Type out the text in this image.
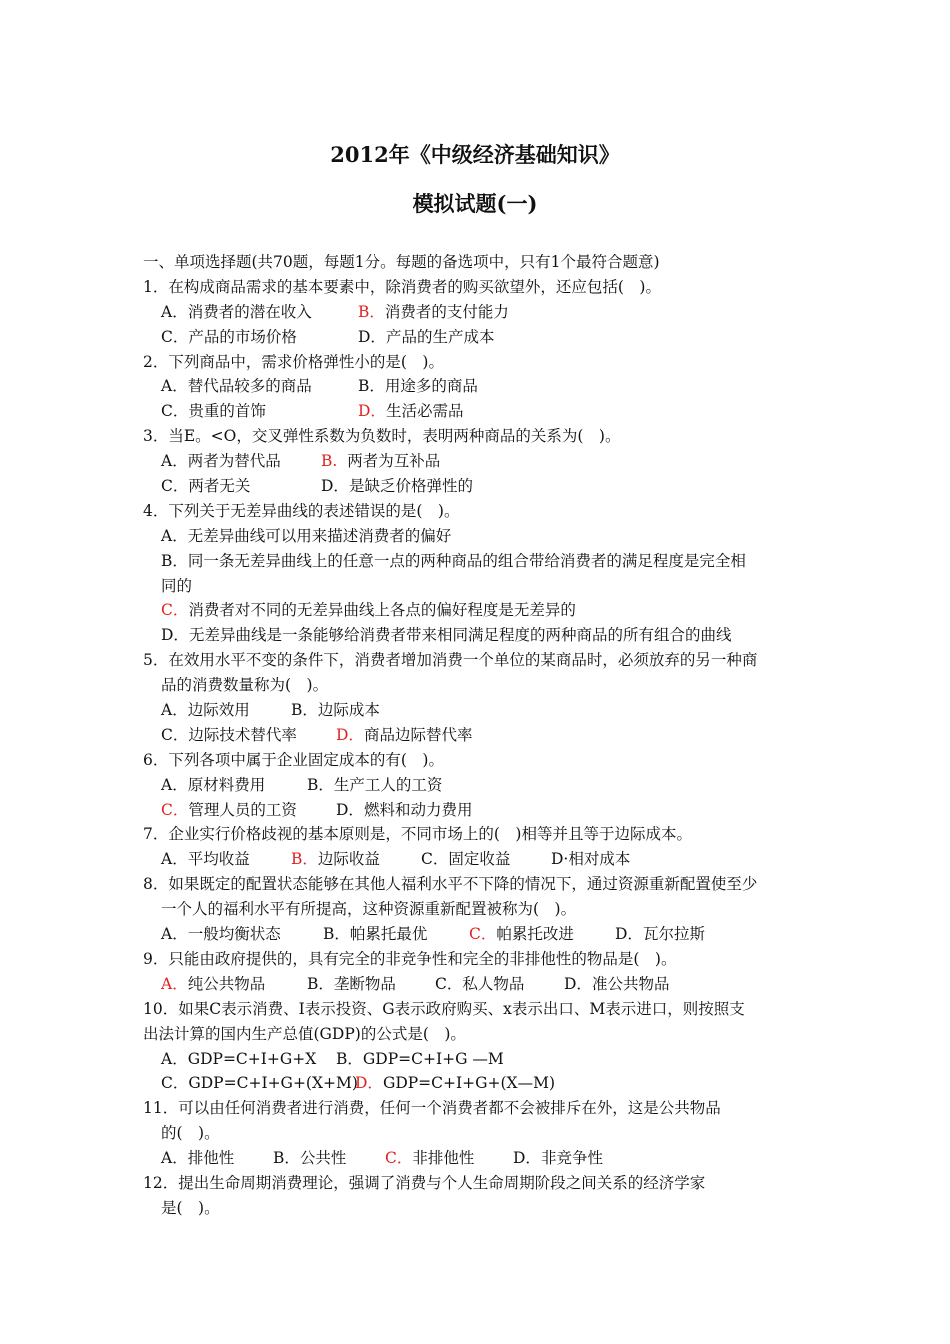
2012年《中级经济基础知识》
模拟试题(一)
一、单项选择题(共70题，每题1分。每题的备选项中，只有1个最符合题意)
1．在构成商品需求的基本要素中，除消费者的购买欲望外，还应包括(　)。
A．消费者的潜在收入	B．消费者的支付能力
C．产品的市场价格	D．产品的生产成本
2．下列商品中，需求价格弹性小的是(　)。
A．替代品较多的商品	B．用途多的商品
C．贵重的首饰	D．生活必需品
3．当E。<O，交叉弹性系数为负数时，表明两种商品的关系为(　)。
A．两者为替代品	B. 两者为互补品
C．两者无关	D．是缺乏价格弹性的
4．下列关于无差异曲线的表述错误的是(　)。
A．无差异曲线可以用来描述消费者的偏好
B．同一条无差异曲线上的任意一点的两种商品的组合带给消费者的满足程度是完全相
同的
C．消费者对不同的无差异曲线上各点的偏好程度是无差异的
D．无差异曲线是一条能够给消费者带来相同满足程度的两种商品的所有组合的曲线
5．在效用水平不变的条件下，消费者增加消费一个单位的某商品时，必须放弃的另一种商
品的消费数量称为(　)。
A．边际效用	B．边际成本
C．边际技术替代率	D．商品边际替代率
6．下列各项中属于企业固定成本的有(　)。
A．原材料费用	B．生产工人的工资
C．管理人员的工资	D．燃料和动力费用
7．企业实行价格歧视的基本原则是，不同市场上的(　)相等并且等于边际成本。
A．平均收益	B．边际收益	C．固定收益	D·相对成本
8．如果既定的配置状态能够在其他人福利水平不下降的情况下，通过资源重新配置使至少
一个人的福利水平有所提高，这种资源重新配置被称为(　)。
A．一般均衡状态	B．帕累托最优	C．帕累托改进	D．瓦尔拉斯
9．只能由政府提供的，具有完全的非竞争性和完全的非排他性的物品是(　)。
A．纯公共物品	B．垄断物品	C．私人物品	D．准公共物品
10．如果C表示消费、I表示投资、G表示政府购买、x表示出口、M表示进口，则按照支
出法计算的国内生产总值(GDP)的公式是(　)。
A．GDP=C+I+G+X B．GDP=C+I+G —M
C．GDP=C+I+G+(X+M)D．GDP=C+I+G+(X—M)
11．可以由任何消费者进行消费，任何一个消费者都不会被排斥在外，这是公共物品
的(　)。
A．排他性	B．公共性 C．非排他性 D．非竞争性
12．提出生命周期消费理论，强调了消费与个人生命周期阶段之间关系的经济学家
是(　)。
